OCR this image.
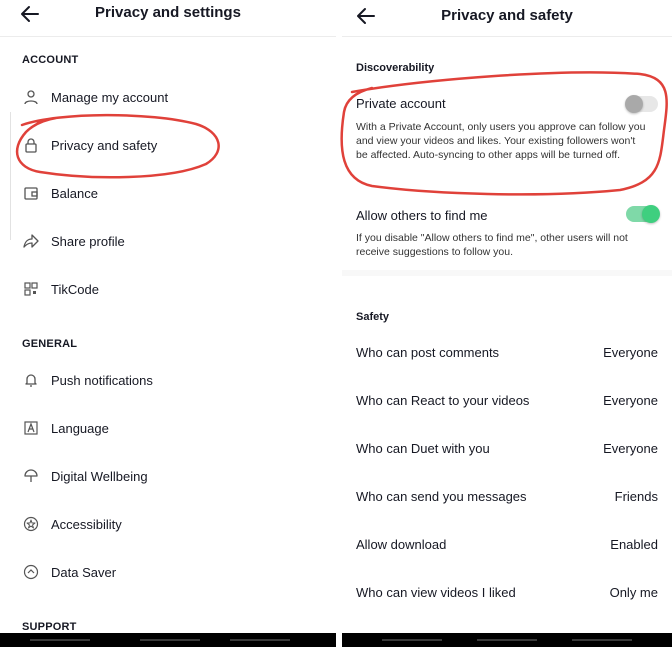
Privacy and settings
ACCOUNT
Manage my account
Privacy and safety
Balance
Share profile
TikCode
GENERAL
Push notifications
Language
Digital Wellbeing
Accessibility
Data Saver
SUPPORT
Privacy and safety
Discoverability
Private account
With a Private Account, only users you approve can follow you and view your videos and likes. Your existing followers won't be affected. Auto-syncing to other apps will be turned off.
Allow others to find me
If you disable "Allow others to find me", other users will not receive suggestions to follow you.
Safety
Who can post comments	Everyone
Who can React to your videos	Everyone
Who can Duet with you	Everyone
Who can send you messages	Friends
Allow download	Enabled
Who can view videos I liked	Only me
